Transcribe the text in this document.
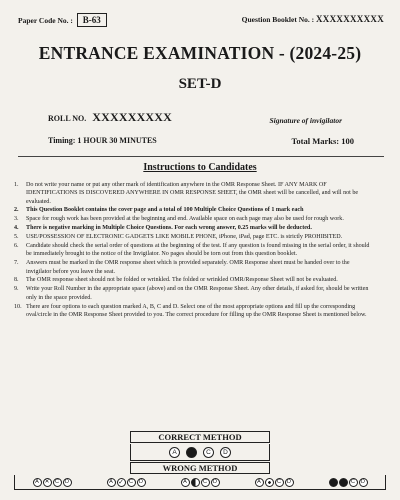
Paper Code No. : B-63	Question Booklet No. : XXXXXXXXXX
ENTRANCE EXAMINATION - (2024-25)
SET-D
ROLL NO. XXXXXXXXX	Signature of invigilator
Timing: 1 HOUR 30 MINUTES	Total Marks: 100
Instructions to Candidates
1. Do not write your name or put any other mark of identification anywhere in the OMR Response Sheet. IF ANY MARK OF IDENTIFICATIONS IS DISCOVERED ANYWHERE IN OMR RESPONSE SHEET, the OMR sheet will be cancelled, and will not be evaluated.
2. This Question Booklet contains the cover page and a total of 100 Multiple Choice Questions of 1 mark each
3. Space for rough work has been provided at the beginning and end. Available space on each page may also be used for rough work.
4. There is negative marking in Multiple Choice Questions. For each wrong answer, 0.25 marks will be deducted.
5. USE/POSSESSION OF ELECTRONIC GADGETS LIKE MOBILE PHONE, iPhone, iPad, page ETC. is strictly PROHIBITED.
6. Candidate should check the serial order of questions at the beginning of the test. If any question is found missing in the serial order, it should be immediately brought to the notice of the Invigilator. No pages should be torn out from this question booklet.
7. Answers must be marked in the OMR response sheet which is provided separately. OMR Response sheet must be handed over to the invigilator before you leave the seat.
8. The OMR response sheet should not be folded or wrinkled. The folded or wrinkled OMR/Response Sheet will not be evaluated.
9. Write your Roll Number in the appropriate space (above) and on the OMR Response Sheet. Any other details, if asked for, should be written only in the space provided.
10. There are four options to each question marked A, B, C and D. Select one of the most appropriate options and fill up the corresponding oval/circle in the OMR Response Sheet provided to you. The correct procedure for filling up the OMR Response Sheet is mentioned below.
CORRECT METHOD
A	C	D
WRONG METHOD
A ✕	C	D	A ✓	C	D	A	C	D	A	C	D	C	D
